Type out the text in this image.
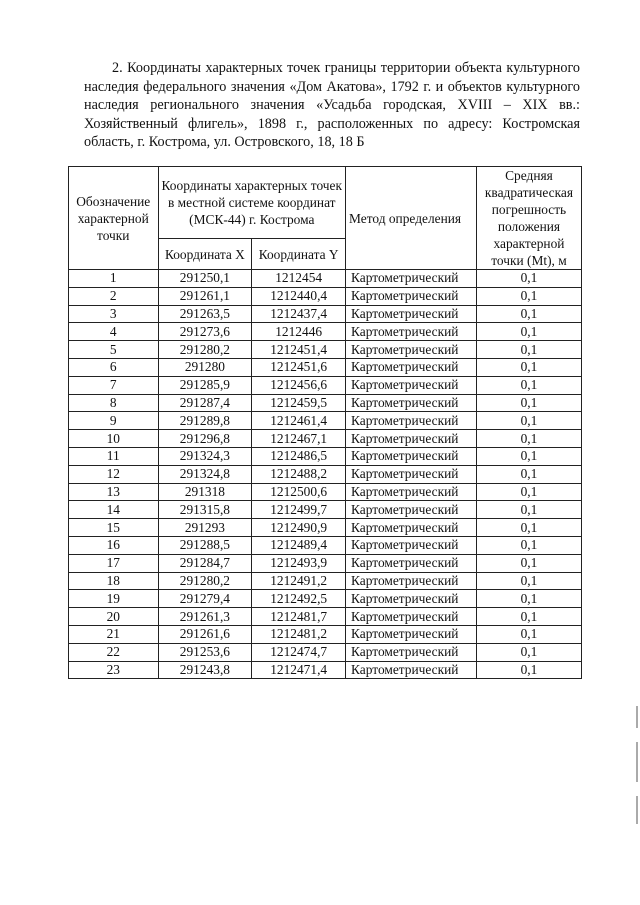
2. Координаты характерных точек границы территории объекта культурного наследия федерального значения «Дом Акатова», 1792 г. и объектов культурного наследия регионального значения «Усадьба городская, XVIII – XIX вв.: Хозяйственный флигель», 1898 г., расположенных по адресу: Костромская область, г. Кострома, ул. Островского, 18, 18 Б
Обозначение характерной точки	Координаты характерных точек в местной системе координат (МСК-44) г. Кострома		Метод определения	Средняя квадратическая погрешность положения характерной точки (Mt), м
	Координата X	Координата Y		
1	291250,1	1212454	Картометрический	0,1
2	291261,1	1212440,4	Картометрический	0,1
3	291263,5	1212437,4	Картометрический	0,1
4	291273,6	1212446	Картометрический	0,1
5	291280,2	1212451,4	Картометрический	0,1
6	291280	1212451,6	Картометрический	0,1
7	291285,9	1212456,6	Картометрический	0,1
8	291287,4	1212459,5	Картометрический	0,1
9	291289,8	1212461,4	Картометрический	0,1
10	291296,8	1212467,1	Картометрический	0,1
11	291324,3	1212486,5	Картометрический	0,1
12	291324,8	1212488,2	Картометрический	0,1
13	291318	1212500,6	Картометрический	0,1
14	291315,8	1212499,7	Картометрический	0,1
15	291293	1212490,9	Картометрический	0,1
16	291288,5	1212489,4	Картометрический	0,1
17	291284,7	1212493,9	Картометрический	0,1
18	291280,2	1212491,2	Картометрический	0,1
19	291279,4	1212492,5	Картометрический	0,1
20	291261,3	1212481,7	Картометрический	0,1
21	291261,6	1212481,2	Картометрический	0,1
22	291253,6	1212474,7	Картометрический	0,1
23	291243,8	1212471,4	Картометрический	0,1
